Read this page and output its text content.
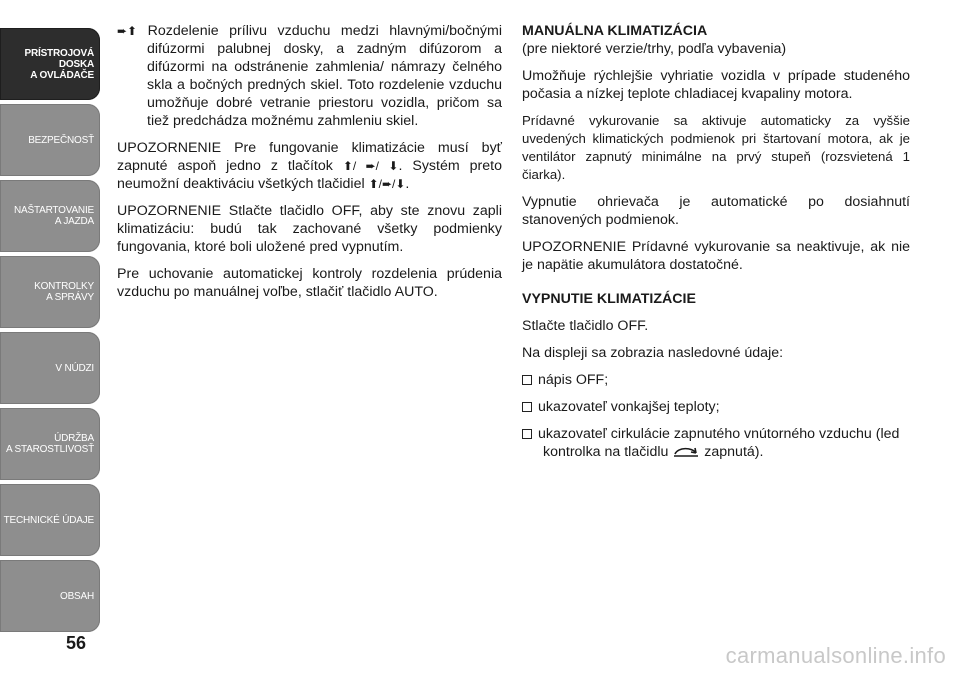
PRÍSTROJOVÁ
DOSKA
A OVLÁDAČE
BEZPEČNOSŤ
NAŠTARTOVANIE
A JAZDA
KONTROLKY
A SPRÁVY
V NÚDZI
ÚDRŽBA
A STAROSTLIVOSŤ
TECHNICKÉ ÚDAJE
OBSAH
56

➨⬆ Rozdelenie prílivu vzduchu medzi hlavnými/bočnými difúzormi palubnej dosky, a zadným difúzorom a difúzormi na odstránenie zahmlenia/ námrazy čelného skla a bočných predných skiel. Toto rozdelenie vzduchu umožňuje dobré vetranie priestoru vozidla, pričom sa tiež predchádza možnému zahmleniu skiel.

UPOZORNENIE Pre fungovanie klimatizácie musí byť zapnuté aspoň jedno z tlačítok ⬆/ ➨/ ⬇. Systém preto neumožní deaktiváciu všetkých tlačidiel ⬆/➨/⬇.

UPOZORNENIE Stlačte tlačidlo OFF, aby ste znovu zapli klimatizáciu: budú tak zachované všetky podmienky fungovania, ktoré boli uložené pred vypnutím.

Pre uchovanie automatickej kontroly rozdelenia prúdenia vzduchu po manuálnej voľbe, stlačiť tlačidlo AUTO.

MANUÁLNA KLIMATIZÁCIA

(pre niektoré verzie/trhy, podľa vybavenia)

Umožňuje rýchlejšie vyhriatie vozidla v prípade studeného počasia a nízkej teplote chladiacej kvapaliny motora.

Prídavné vykurovanie sa aktivuje automaticky za vyššie uvedených klimatických podmienok pri štartovaní motora, ak je ventilátor zapnutý minimálne na prvý stupeň (rozsvietená 1 čiarka).

Vypnutie ohrievača je automatické po dosiahnutí stanovených podmienok.

UPOZORNENIE Prídavné vykurovanie sa neaktivuje, ak nie je napätie akumulátora dostatočné.

VYPNUTIE KLIMATIZÁCIE

Stlačte tlačidlo OFF.

Na displeji sa zobrazia nasledovné údaje:

nápis OFF;

ukazovateľ vonkajšej teploty;

ukazovateľ cirkulácie zapnutého vnútorného vzduchu (led kontrolka na tlačidlu  zapnutá).

carmanualsonline.info
